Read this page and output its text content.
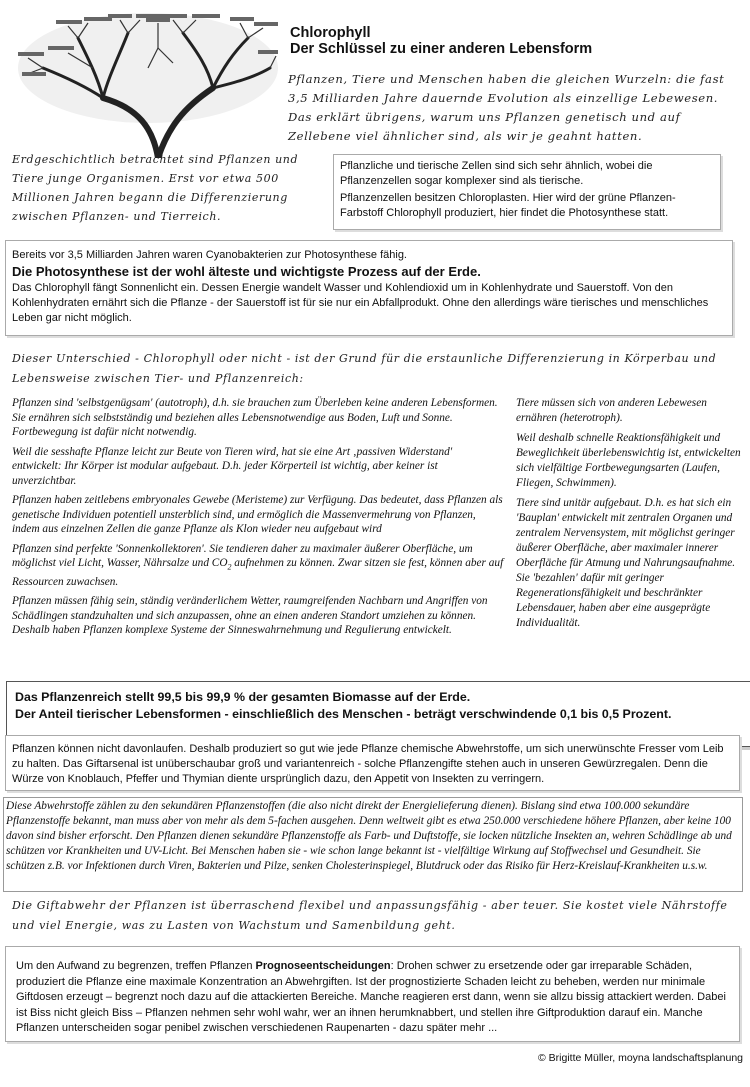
Chlorophyll
Der Schlüssel zu einer anderen Lebensform

Pflanzen, Tiere und Menschen haben die gleichen Wurzeln: die fast 3,5 Milliarden Jahre dauernde Evolution als einzellige Lebewesen. Das erklärt übrigens, warum uns Pflanzen genetisch und auf Zellebene viel ähnlicher sind, als wir je geahnt hatten.

Erdgeschichtlich betrachtet sind Pflanzen und Tiere junge Organismen. Erst vor etwa 500 Millionen Jahren begann die Differenzierung zwischen Pflanzen- und Tierreich.

Pflanzliche und tierische Zellen sind sich sehr ähnlich, wobei die Pflanzenzellen sogar komplexer sind als tierische.

Pflanzenzellen besitzen Chloroplasten. Hier wird der grüne Pflanzen-Farbstoff Chlorophyll produziert, hier findet die Photosynthese statt.

Bereits vor 3,5 Milliarden Jahren waren Cyanobakterien zur Photosynthese fähig.

Die Photosynthese ist der wohl älteste und wichtigste Prozess auf der Erde.

Das Chlorophyll fängt Sonnenlicht ein. Dessen Energie wandelt Wasser und Kohlendioxid um in Kohlenhydrate und Sauerstoff. Von den Kohlenhydraten ernährt sich die Pflanze - der Sauerstoff ist für sie nur ein Abfallprodukt. Ohne den allerdings wäre tierisches und menschliches Leben gar nicht möglich.

Dieser Unterschied - Chlorophyll oder nicht - ist der Grund für die erstaunliche Differenzierung in Körperbau und Lebensweise zwischen Tier- und Pflanzenreich:

Pflanzen sind 'selbstgenügsam' (autotroph), d.h. sie brauchen zum Überleben keine anderen Lebensformen. Sie ernähren sich selbstständig und beziehen alles Lebensnotwendige aus Boden, Luft und Sonne. Fortbewegung ist dafür nicht notwendig.

Weil die sesshafte Pflanze leicht zur Beute von Tieren wird, hat sie eine Art ‚passiven Widerstand' entwickelt: Ihr Körper ist modular aufgebaut. D.h. jeder Körperteil ist wichtig, aber keiner ist unverzichtbar.

Pflanzen haben zeitlebens embryonales Gewebe (Meristeme) zur Verfügung. Das bedeutet, dass Pflanzen als genetische Individuen potentiell unsterblich sind, und ermöglich die Massenvermehrung von Pflanzen, indem aus einzelnen Zellen die ganze Pflanze als Klon wieder neu aufgebaut wird

Pflanzen sind perfekte 'Sonnenkollektoren'. Sie tendieren daher zu maximaler äußerer Oberfläche, um möglichst viel Licht, Wasser, Nährsalze und $CO_2$ aufnehmen zu können. Zwar sitzen sie fest, können aber auf Ressourcen zuwachsen.

Pflanzen müssen fähig sein, ständig veränderlichem Wetter, raumgreifenden Nachbarn und Angriffen von Schädlingen standzuhalten und sich anzupassen, ohne an einen anderen Standort umziehen zu können. Deshalb haben Pflanzen komplexe Systeme der Sinneswahrnehmung und Regulierung entwickelt.

Tiere müssen sich von anderen Lebewesen ernähren (heterotroph).

Weil deshalb schnelle Reaktionsfähigkeit und Beweglichkeit überlebenswichtig ist, entwickelten sich vielfältige Fortbewegungsarten (Laufen, Fliegen, Schwimmen).

Tiere sind unitär aufgebaut. D.h. es hat sich ein 'Bauplan' entwickelt mit zentralen Organen und zentralem Nervensystem, mit möglichst geringer äußerer Oberfläche, aber maximaler innerer Oberfläche für Atmung und Nahrungsaufnahme. Sie 'bezahlen' dafür mit geringer Regenerationsfähigkeit und beschränkter Lebensdauer, haben aber eine ausgeprägte Individualität.

Das Pflanzenreich stellt 99,5 bis 99,9 % der gesamten Biomasse auf der Erde.

Der Anteil tierischer Lebensformen - einschließlich des Menschen - beträgt verschwindende 0,1 bis 0,5 Prozent.

Pflanzen können nicht davonlaufen. Deshalb produziert so gut wie jede Pflanze chemische Abwehrstoffe, um sich unerwünschte Fresser vom Leib zu halten. Das Giftarsenal ist unüberschaubar groß und variantenreich - solche Pflanzengifte stehen auch in unseren Gewürzregalen. Denn die Würze von Knoblauch, Pfeffer und Thymian diente ursprünglich dazu, den Appetit von Insekten zu verringern.

Diese Abwehrstoffe zählen zu den sekundären Pflanzenstoffen (die also nicht direkt der Energielieferung dienen). Bislang sind etwa 100.000 sekundäre Pflanzenstoffe bekannt, man muss aber von mehr als dem 5-fachen ausgehen. Denn weltweit gibt es etwa 250.000 verschiedene höhere Pflanzen, aber keine 100 davon sind bisher erforscht. Den Pflanzen dienen sekundäre Pflanzenstoffe als Farb- und Duftstoffe, sie locken nützliche Insekten an, wehren Schädlinge ab und schützen vor Krankheiten und UV-Licht. Bei Menschen haben sie - wie schon lange bekannt ist - vielfältige Wirkung auf Stoffwechsel und Gesundheit. Sie schützen z.B. vor Infektionen durch Viren, Bakterien und Pilze, senken Cholesterinspiegel, Blutdruck oder das Risiko für Herz-Kreislauf-Krankheiten u.s.w.

Die Giftabwehr der Pflanzen ist überraschend flexibel und anpassungsfähig - aber teuer. Sie kostet viele Nährstoffe und viel Energie, was zu Lasten von Wachstum und Samenbildung geht.

Um den Aufwand zu begrenzen, treffen Pflanzen Prognoseentscheidungen: Drohen schwer zu ersetzende oder gar irreparable Schäden, produziert die Pflanze eine maximale Konzentration an Abwehrgiften. Ist der prognostizierte Schaden leicht zu beheben, werden nur minimale Giftdosen erzeugt – begrenzt noch dazu auf die attackierten Bereiche. Manche reagieren erst dann, wenn sie allzu bissig attackiert werden. Dabei ist Biss nicht gleich Biss – Pflanzen nehmen sehr wohl wahr, wer an ihnen herumknabbert, und stellen ihre Giftproduktion darauf ein. Manche Pflanzen unterscheiden sogar penibel zwischen verschiedenen Raupenarten - dazu später mehr ...

© Brigitte Müller, moyna landschaftsplanung
